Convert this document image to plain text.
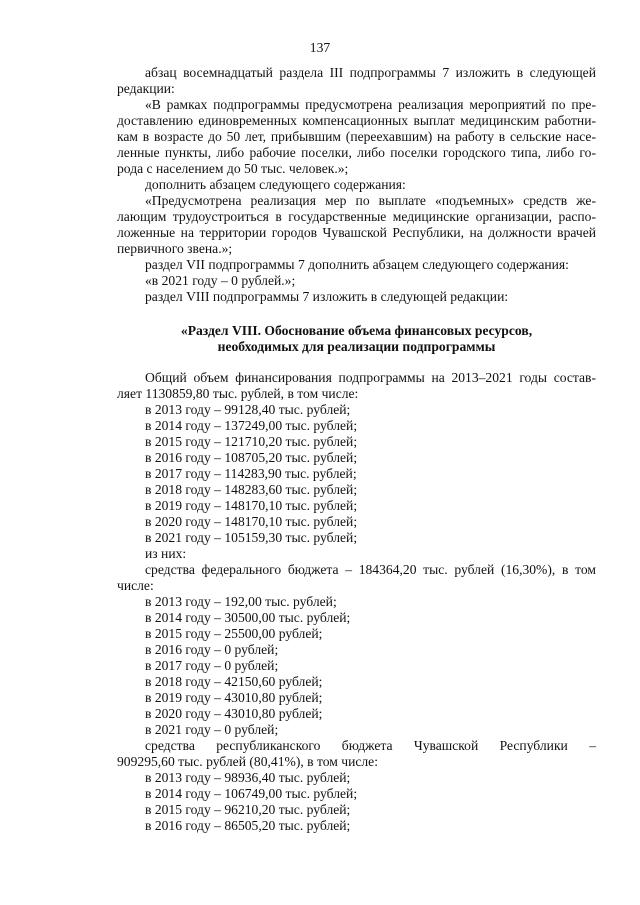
137

абзац восемнадцатый раздела III подпрограммы 7 изложить в следующей

редакции:

«В рамках подпрограммы предусмотрена реализация мероприятий по пре-

доставлению единовременных компенсационных выплат медицинским работни-

кам в возрасте до 50 лет, прибывшим (переехавшим) на работу в сельские насе-

ленные пункты, либо рабочие поселки, либо поселки городского типа, либо го-

рода с населением до 50 тыс. человек.»;

дополнить абзацем следующего содержания:

«Предусмотрена реализация мер по выплате «подъемных» средств же-

лающим трудоустроиться в государственные медицинские организации, распо-

ложенные на территории городов Чувашской Республики, на должности врачей

первичного звена.»;

раздел VII подпрограммы 7 дополнить абзацем следующего содержания:

«в 2021 году – 0 рублей.»;

раздел VIII подпрограммы 7 изложить в следующей редакции:

«Раздел VIII. Обоснование объема финансовых ресурсов,

необходимых для реализации подпрограммы

Общий объем финансирования подпрограммы на 2013–2021 годы состав-

ляет 1130859,80 тыс. рублей, в том числе:

в 2013 году – 99128,40 тыс. рублей;

в 2014 году – 137249,00 тыс. рублей;

в 2015 году – 121710,20 тыс. рублей;

в 2016 году – 108705,20 тыс. рублей;

в 2017 году – 114283,90 тыс. рублей;

в 2018 году – 148283,60 тыс. рублей;

в 2019 году – 148170,10 тыс. рублей;

в 2020 году – 148170,10 тыс. рублей;

в 2021 году – 105159,30 тыс. рублей;

из них:

средства федерального бюджета – 184364,20 тыс. рублей (16,30%), в том

числе:

в 2013 году – 192,00 тыс. рублей;

в 2014 году – 30500,00 тыс. рублей;

в 2015 году – 25500,00 рублей;

в 2016 году – 0 рублей;

в 2017 году – 0 рублей;

в 2018 году – 42150,60 рублей;

в 2019 году – 43010,80 рублей;

в 2020 году – 43010,80 рублей;

в 2021 году – 0 рублей;

средства республиканского бюджета Чувашской Республики –

909295,60 тыс. рублей (80,41%), в том числе:

в 2013 году – 98936,40 тыс. рублей;

в 2014 году – 106749,00 тыс. рублей;

в 2015 году – 96210,20 тыс. рублей;

в 2016 году – 86505,20 тыс. рублей;
